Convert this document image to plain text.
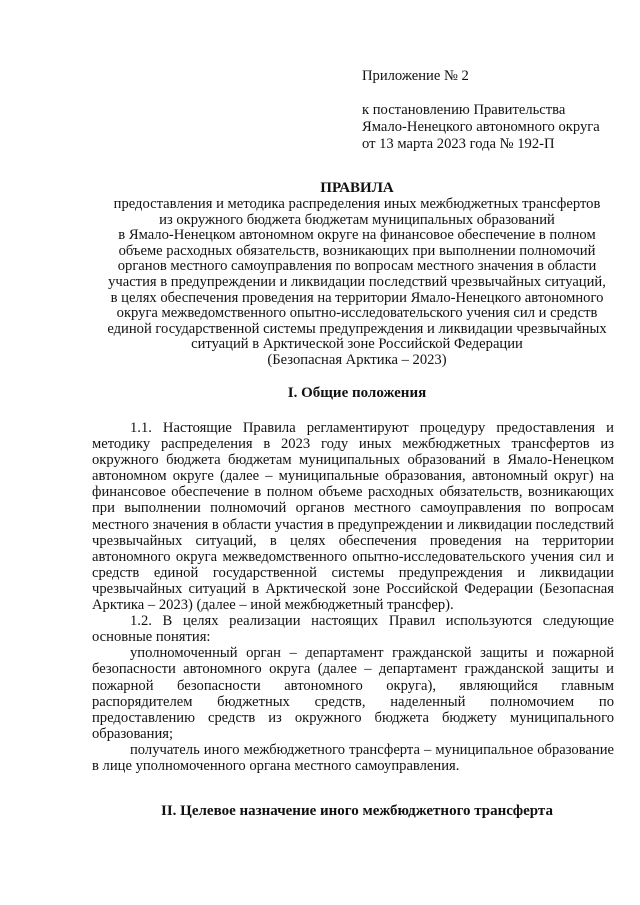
Приложение № 2
к постановлению Правительства
Ямало-Ненецкого автономного округа
от 13 марта 2023 года № 192-П
ПРАВИЛА
предоставления и методика распределения иных межбюджетных трансфертов
из окружного бюджета бюджетам муниципальных образований
в Ямало-Ненецком автономном округе на финансовое обеспечение в полном
объеме расходных обязательств, возникающих при выполнении полномочий
органов местного самоуправления по вопросам местного значения в области
участия в предупреждении и ликвидации последствий чрезвычайных ситуаций,
в целях обеспечения проведения на территории Ямало-Ненецкого автономного
округа межведомственного опытно-исследовательского учения сил и средств
единой государственной системы предупреждения и ликвидации чрезвычайных
ситуаций в Арктической зоне Российской Федерации
(Безопасная Арктика – 2023)
I. Общие положения

1.1. Настоящие Правила регламентируют процедуру предоставления и методику распределения в 2023 году иных межбюджетных трансфертов из окружного бюджета бюджетам муниципальных образований в Ямало-Ненецком автономном округе (далее – муниципальные образования, автономный округ) на финансовое обеспечение в полном объеме расходных обязательств, возникающих при выполнении полномочий органов местного самоуправления по вопросам местного значения в области участия в предупреждении и ликвидации последствий чрезвычайных ситуаций, в целях обеспечения проведения на территории автономного округа межведомственного опытно-исследовательского учения сил и средств единой государственной системы предупреждения и ликвидации чрезвычайных ситуаций в Арктической зоне Российской Федерации (Безопасная Арктика – 2023) (далее – иной межбюджетный трансфер).

1.2. В целях реализации настоящих Правил используются следующие основные понятия:

уполномоченный орган – департамент гражданской защиты и пожарной безопасности автономного округа (далее – департамент гражданской защиты и пожарной безопасности автономного округа), являющийся главным распорядителем бюджетных средств, наделенный полномочием по предоставлению средств из окружного бюджета бюджету муниципального образования;

получатель иного межбюджетного трансферта – муниципальное образование в лице уполномоченного органа местного самоуправления.

II. Целевое назначение иного межбюджетного трансферта
